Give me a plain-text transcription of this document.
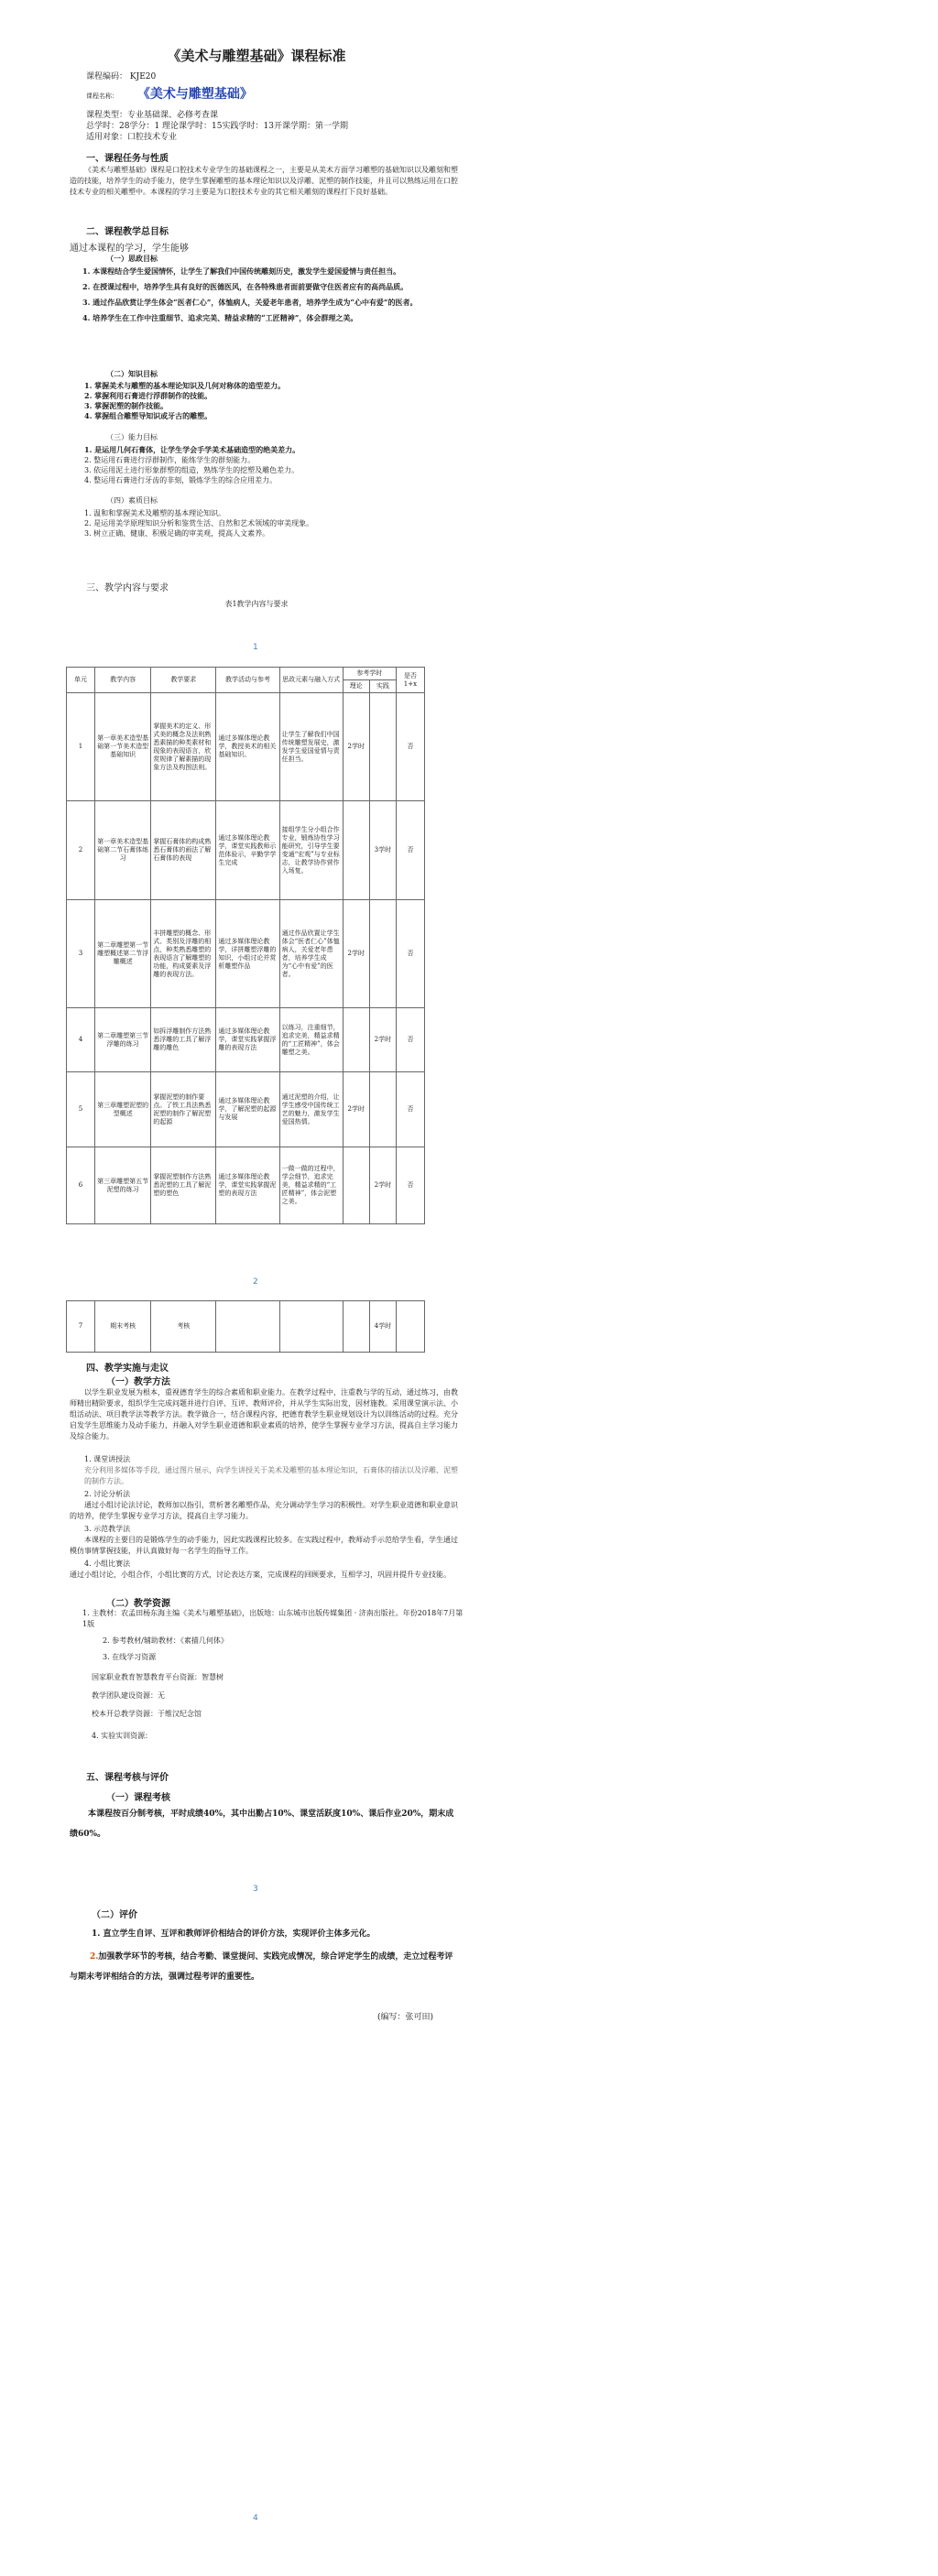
《美术与雕塑基础》课程标准
课程编码： KJE20
课程名称： 《美术与雕塑基础》
课程类型：专业基础课、必修考查课
总学时：28学分：1 理论课学时：15实践学时：13开课学期：第一学期
适用对象：口腔技术专业
一、课程任务与性质
《美术与雕塑基础》课程是口腔技术专业学生的基础课程之一，主要是从美术方面学习雕塑的基础知识以及雕刻和塑造的技能，培养学生的动手能力，使学生掌握雕塑的基本理论知识以及浮雕、泥塑的制作技能，并且可以熟练运用在口腔技术专业的相关雕塑中。本课程的学习主要是为口腔技术专业的其它相关雕刻的课程打下良好基础。
二、课程教学总目标
通过本课程的学习，学生能够
（一）思政目标
1. 本课程结合学生爱国情怀，让学生了解我们中国传统雕刻历史，激发学生爱国爱情与责任担当。
2. 在授课过程中，培养学生具有良好的医德医风，在各特殊患者面前要做守住医者应有的高尚品质。
3. 通过作品欣赏让学生体会“医者仁心”，体恤病人，关爱老年患者，培养学生成为“心中有爱”的医者。
4. 培养学生在工作中注重细节、追求完美、精益求精的“工匠精神”，体会群理之美。
（二）知识目标
1. 掌握美术与雕塑的基本理论知识及几何对称体的造型差力。
2. 掌握利用石膏进行浮群制作的技能。
3. 掌握泥塑的制作技能。
4. 掌握组合雕塑导知识或牙古的雕塑。
（三）能力目标
1. 是运用几何石膏体，让学生学会手学美术基础造型的绝美差力。
2. 整运用石膏进行浮群制作，能练学生的群刻能力。
3. 依运用泥土进行形象群塑的组造，熟练学生的挖塑及雕色差力。
4. 整运用石膏进行牙齿的非刻，锻炼学生的综合应用差力。
（四）素质目标
1. 温和和掌握美术及雕塑的基本理论知识。
2. 是运用美学原理知识分析和鉴赏生活、自然和艺术领域的审美现象。
3. 树立正确、健康、积极足确的审美观，提高人文素养。
三、教学内容与要求
表1教学内容与要求
1
单元	教学内容	教学要求	教学活动与参考	思政元素与融入方式	参考学时		是否1+x
					理论	实践	
1	第一章美术造型基础第一节美术造型基础知识	掌握美术的定义、形式美的概念及法则熟悉素描的种类素材和现象的表现语言，欣赏规律了解素描的现象方法及构图法则。	通过多媒体理论教学，教授美术的相关基础知识。	让学生了解我们中国传统雕塑发展史，激发学生爱国爱情与责任担当。	2学时		否
2	第一章美术造型基础第二节石膏体练习	掌握石膏体的构成熟悉石膏体的画法了解石膏体的表现	通过多媒体理论教学，课堂实践教师示范体验示，辛勤学学生完成	接组学生分小组合作专业，锻炼协性学习能研究，引导学生要变通“宏观”与专业标志，让教学协作营作入场复。		3学时	否
3	第二章雕塑第一节雕塑概述第二节浮雕概述	丰拼雕塑的概念、形式、类别及浮雕的相点，种类熟悉雕塑的表现语言了解雕塑的功能，构成要素及浮雕的表现方法。	通过多媒体理论教学，详拼雕塑浮雕的知识，小组讨论并赏析雕塑作品	通过作品欣置让学生体会“医者仁心”体恤病人，关爱老年患者，培养学生成为“心中有爱”的医者。	2学时		否
4	第二章雕塑第三节浮雕的练习	如拆浮雕制作方法熟悉浮雕的工具了解浮雕的雕色	通过多媒体理论教学，课堂实践掌握浮雕的表现方法	以练习，注重细节，追求完美，精益求精的“工匠精神”，体会雕塑之美。		2学时	否
5	第三章雕塑泥塑的型概述	掌握泥塑的制作要点。了铁工具法熟悉泥塑的制作了解泥塑的起源	通过多媒体理论教学，了解泥塑的起源与发展	通过泥塑的介绍，让学生感受中国传统工艺的魅力，激发学生爱国热情。	2学时		否
6	第三章雕塑第五节泥塑的练习	掌握泥塑制作方法熟悉泥塑的工具了解泥塑的塑色	通过多媒体理论教学，课堂实践掌握泥塑的表现方法	一做一做的过程中，学会细节，追求完美，精益求精的“工匠精神”，体会泥塑之美。		2学时	否
2
7	期末考核	考核				4学时	
四、教学实施与走议
（一）教学方法
以学生职业发展为根本，重视德育学生的综合素质和职业能力。在教学过程中，注重教与学的互动，通过练习，由教师精出精阶要求，组织学生完成问题并进行自评、互评、教师评价，并从学生实际出发，因材施教。采用课堂演示法、小组活动法、项目教学法等教学方法。教学做合一，结合课程内容，把德育教学生职业规划设计为以训练活动的过程。充分启发学生思维能力及动手能力，并融入对学生职业道德和职业素质的培养，使学生掌握专业学习方法，提高自主学习能力及综合能力。
1. 课堂讲授法
充分利用多媒体等手段，通过图片展示，向学生讲授关于美术及雕塑的基本理论知识，石膏体的描法以及浮雕、泥塑的制作方法。
2. 讨论分析法
通过小组讨论法讨论，教师加以指引，赏析著名雕塑作品，充分调动学生学习的积极性。对学生职业道德和职业意识的培养，使学生掌握专业学习方法，提高自主学习能力。
3. 示范教学法
本课程的主要目的是锻炼学生的动手能力，因此实践课程比较多。在实践过程中，教师动手示范给学生看，学生通过模仿事情掌握技能，并认真做好每一名学生的指导工作。
4. 小组比赛法
通过小组讨论，小组合作，小组比赛的方式，讨论表达方案，完成课程的回顾要求，互相学习，巩固并提升专业技能。
（二）教学资源
1. 主教材：农孟田杨东海主编《美术与雕塑基础》，出版地：山东城市出版传媒集团 · 济南出版社。年份2018年7月第1版
2. 参考教材/辅助教材：《素描几何体》
3. 在线学习资源
国家职业教育智慧教育平台资源：智慧树
教学团队建设资源：无
校本开总教学资源：于维汉纪念馆
4. 实验实训资源：
五、课程考核与评价
（一）课程考核
本课程按百分制考核，平时成绩40%，其中出勤占10%、课堂活跃度10%、课后作业20%，期末成绩60%。
3
（二）评价
1. 直立学生自评、互评和教师评价相结合的评价方法，实现评价主体多元化。
2.加强教学环节的考核，结合考勤、课堂提问、实践完成情况，综合评定学生的成绩，走立过程考评与期末考评相结合的方法，强调过程考评的重要性。
(编写：张可田)
4
